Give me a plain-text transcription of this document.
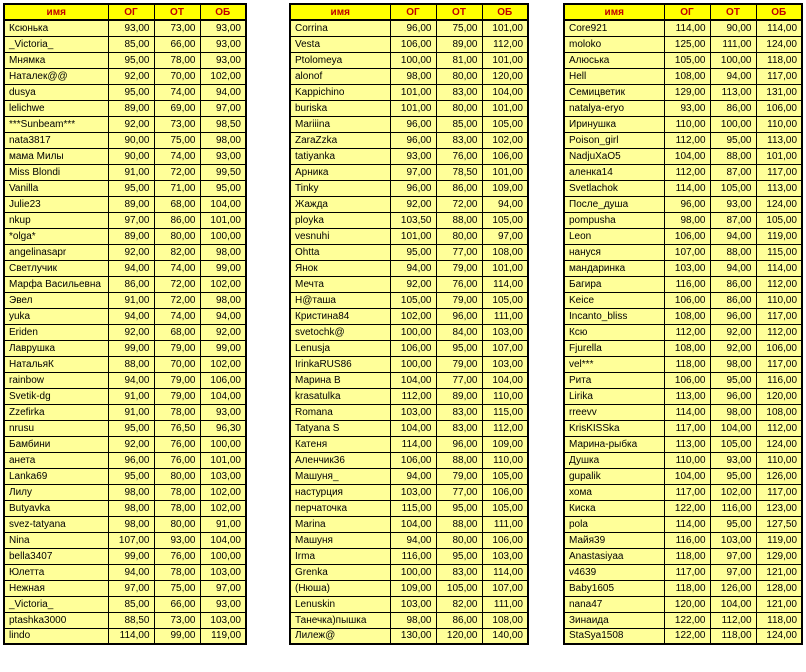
имя	ОГ	ОТ	ОБ
Ксюнька	93,00	73,00	93,00
_Victoria_	85,00	66,00	93,00
Мнямка	95,00	78,00	93,00
Наталек@@	92,00	70,00	102,00
dusya	95,00	74,00	94,00
lelichwe	89,00	69,00	97,00
***Sunbeam***	92,00	73,00	98,50
nata3817	90,00	75,00	98,00
мама Милы	90,00	74,00	93,00
Miss Blondi	91,00	72,00	99,50
Vanilla	95,00	71,00	95,00
Julie23	89,00	68,00	104,00
nkup	97,00	86,00	101,00
*olga*	89,00	80,00	100,00
angelinasapr	92,00	82,00	98,00
Светлучик	94,00	74,00	99,00
Марфа Васильевна	86,00	72,00	102,00
Эвел	91,00	72,00	98,00
yuka	94,00	74,00	94,00
Eriden	92,00	68,00	92,00
Лаврушка	99,00	79,00	99,00
НатальяК	88,00	70,00	102,00
rainbow	94,00	79,00	106,00
Svetik-dg	91,00	79,00	104,00
Zzefirka	91,00	78,00	93,00
nrusu	95,00	76,50	96,30
Бамбини	92,00	76,00	100,00
анета	96,00	76,00	101,00
Lanka69	95,00	80,00	103,00
Лилу	98,00	78,00	102,00
Butyavka	98,00	78,00	102,00
svez-tatyana	98,00	80,00	91,00
Nina	107,00	93,00	104,00
bella3407	99,00	76,00	100,00
Юлетта	94,00	78,00	103,00
Нежная	97,00	75,00	97,00
_Victoria_	85,00	66,00	93,00
ptashka3000	88,50	73,00	103,00
lindo	114,00	99,00	119,00
имя	ОГ	ОТ	ОБ
Corrina	96,00	75,00	101,00
Vesta	106,00	89,00	112,00
Ptolomeya	100,00	81,00	101,00
alonof	98,00	80,00	120,00
Kappichino	101,00	83,00	104,00
buriska	101,00	80,00	101,00
Mariiina	96,00	85,00	105,00
ZaraZzka	96,00	83,00	102,00
tatiyanka	93,00	76,00	106,00
Арника	97,00	78,50	101,00
Tinky	96,00	86,00	109,00
Жажда	92,00	72,00	94,00
ployka	103,50	88,00	105,00
vesnuhi	101,00	80,00	97,00
Ohtta	95,00	77,00	108,00
Янок	94,00	79,00	101,00
Мечта	92,00	76,00	114,00
Н@таша	105,00	79,00	105,00
Кристина84	102,00	96,00	111,00
svetochk@	100,00	84,00	103,00
Lenusja	106,00	95,00	107,00
IrinkaRUS86	100,00	79,00	103,00
Марина В	104,00	77,00	104,00
krasatulka	112,00	89,00	110,00
Romana	103,00	83,00	115,00
Tatyana S	104,00	83,00	112,00
Катеня	114,00	96,00	109,00
Аленчик36	106,00	88,00	110,00
Машуня_	94,00	79,00	105,00
настурция	103,00	77,00	106,00
перчаточка	115,00	95,00	105,00
Marina	104,00	88,00	111,00
Машуня	94,00	80,00	106,00
Irma	116,00	95,00	103,00
Grenka	100,00	83,00	114,00
(Нюша)	109,00	105,00	107,00
Lenuskin	103,00	82,00	111,00
Танечка)пышка	98,00	86,00	108,00
Лилеж@	130,00	120,00	140,00
имя	ОГ	ОТ	ОБ
Core921	114,00	90,00	114,00
moloko	125,00	111,00	124,00
Алюська	105,00	100,00	118,00
Hell	108,00	94,00	117,00
Семицветик	129,00	113,00	131,00
natalya-eryo	93,00	86,00	106,00
Иринушка	110,00	100,00	110,00
Poison_girl	112,00	95,00	113,00
NadjuXaO5	104,00	88,00	101,00
аленка14	112,00	87,00	117,00
Svetlachok	114,00	105,00	113,00
После_душа	96,00	93,00	124,00
pompusha	98,00	87,00	105,00
Leon	106,00	94,00	119,00
нануся	107,00	88,00	115,00
мандаринка	103,00	94,00	114,00
Багира	116,00	86,00	112,00
Keice	106,00	86,00	110,00
Incanto_bliss	108,00	96,00	117,00
Ксю	112,00	92,00	112,00
Fjurella	108,00	92,00	106,00
vel***	118,00	98,00	117,00
Рита	106,00	95,00	116,00
Lirika	113,00	96,00	120,00
rreevv	114,00	98,00	108,00
KrisKISSka	117,00	104,00	112,00
Марина-рыбка	113,00	105,00	124,00
Душка	110,00	93,00	110,00
gupalik	104,00	95,00	126,00
хома	117,00	102,00	117,00
Киска	122,00	116,00	123,00
pola	114,00	95,00	127,50
Майя39	116,00	103,00	119,00
Anastasiyaa	118,00	97,00	129,00
v4639	117,00	97,00	121,00
Baby1605	118,00	126,00	128,00
nana47	120,00	104,00	121,00
Зинаида	122,00	112,00	118,00
StaSya1508	122,00	118,00	124,00
